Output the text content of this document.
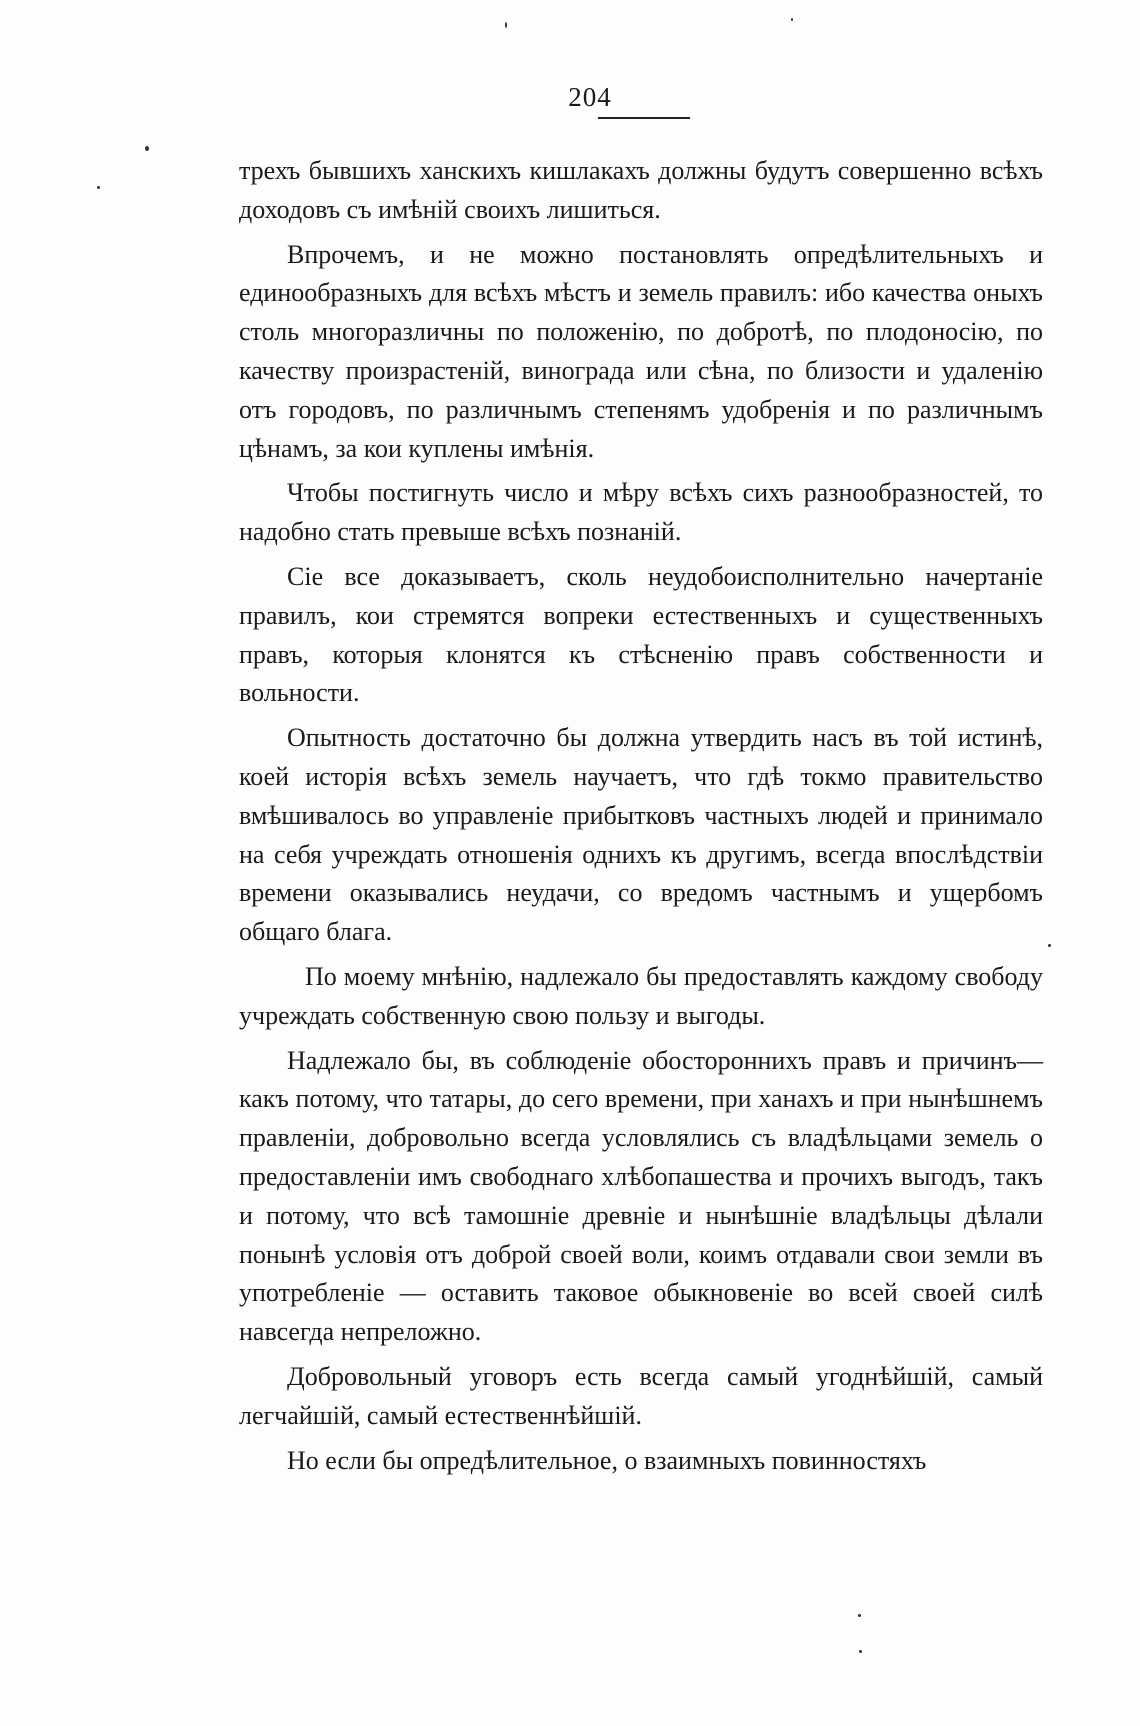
204

трехъ бывшихъ ханскихъ кишлакахъ должны будутъ совершенно всѣхъ доходовъ съ имѣній своихъ лишиться.

Впрочемъ, и не можно постановлять опредѣлительныхъ и единообразныхъ для всѣхъ мѣстъ и земель правилъ: ибо качества оныхъ столь многоразличны по положенію, по добротѣ, по плодоносію, по качеству произрастеній, винограда или сѣна, по близости и удаленію отъ городовъ, по различнымъ степенямъ удобренія и по различнымъ цѣнамъ, за кои куплены имѣнія.

Чтобы постигнуть число и мѣру всѣхъ сихъ разнообразностей, то надобно стать превыше всѣхъ познаній.

Сіе все доказываетъ, сколь неудобоисполнительно начертаніе правилъ, кои стремятся вопреки естественныхъ и существенныхъ правъ, которыя клонятся къ стѣсненію правъ собственности и вольности.

Опытность достаточно бы должна утвердить насъ въ той истинѣ, коей исторія всѣхъ земель научаетъ, что гдѣ токмо правительство вмѣшивалось во управленіе прибытковъ частныхъ людей и принимало на себя учреждать отношенія однихъ къ другимъ, всегда впослѣдствіи времени оказывались неудачи, со вредомъ частнымъ и ущербомъ общаго блага.

По моему мнѣнію, надлежало бы предоставлять каждому свободу учреждать собственную свою пользу и выгоды.

Надлежало бы, въ соблюденіе обосторонниxъ правъ и причинъ—какъ потому, что татары, до сего времени, при ханахъ и при нынѣшнемъ правленіи, добровольно всегда условлялись съ владѣльцами земель о предоставленіи имъ свободнаго хлѣбопашества и прочихъ выгодъ, такъ и потому, что всѣ тамошніе древніе и нынѣшніе владѣльцы дѣлали понынѣ условія отъ доброй своей воли, коимъ отдавали свои земли въ употребленіе — оставить таковое обыкновеніе во всей своей силѣ навсегда непреложно.

Добровольный уговоръ есть всегда самый угоднѣйшій, самый легчайшій, самый естественнѣйшій.

Но если бы опредѣлительное, о взаимныхъ повинностяхъ
